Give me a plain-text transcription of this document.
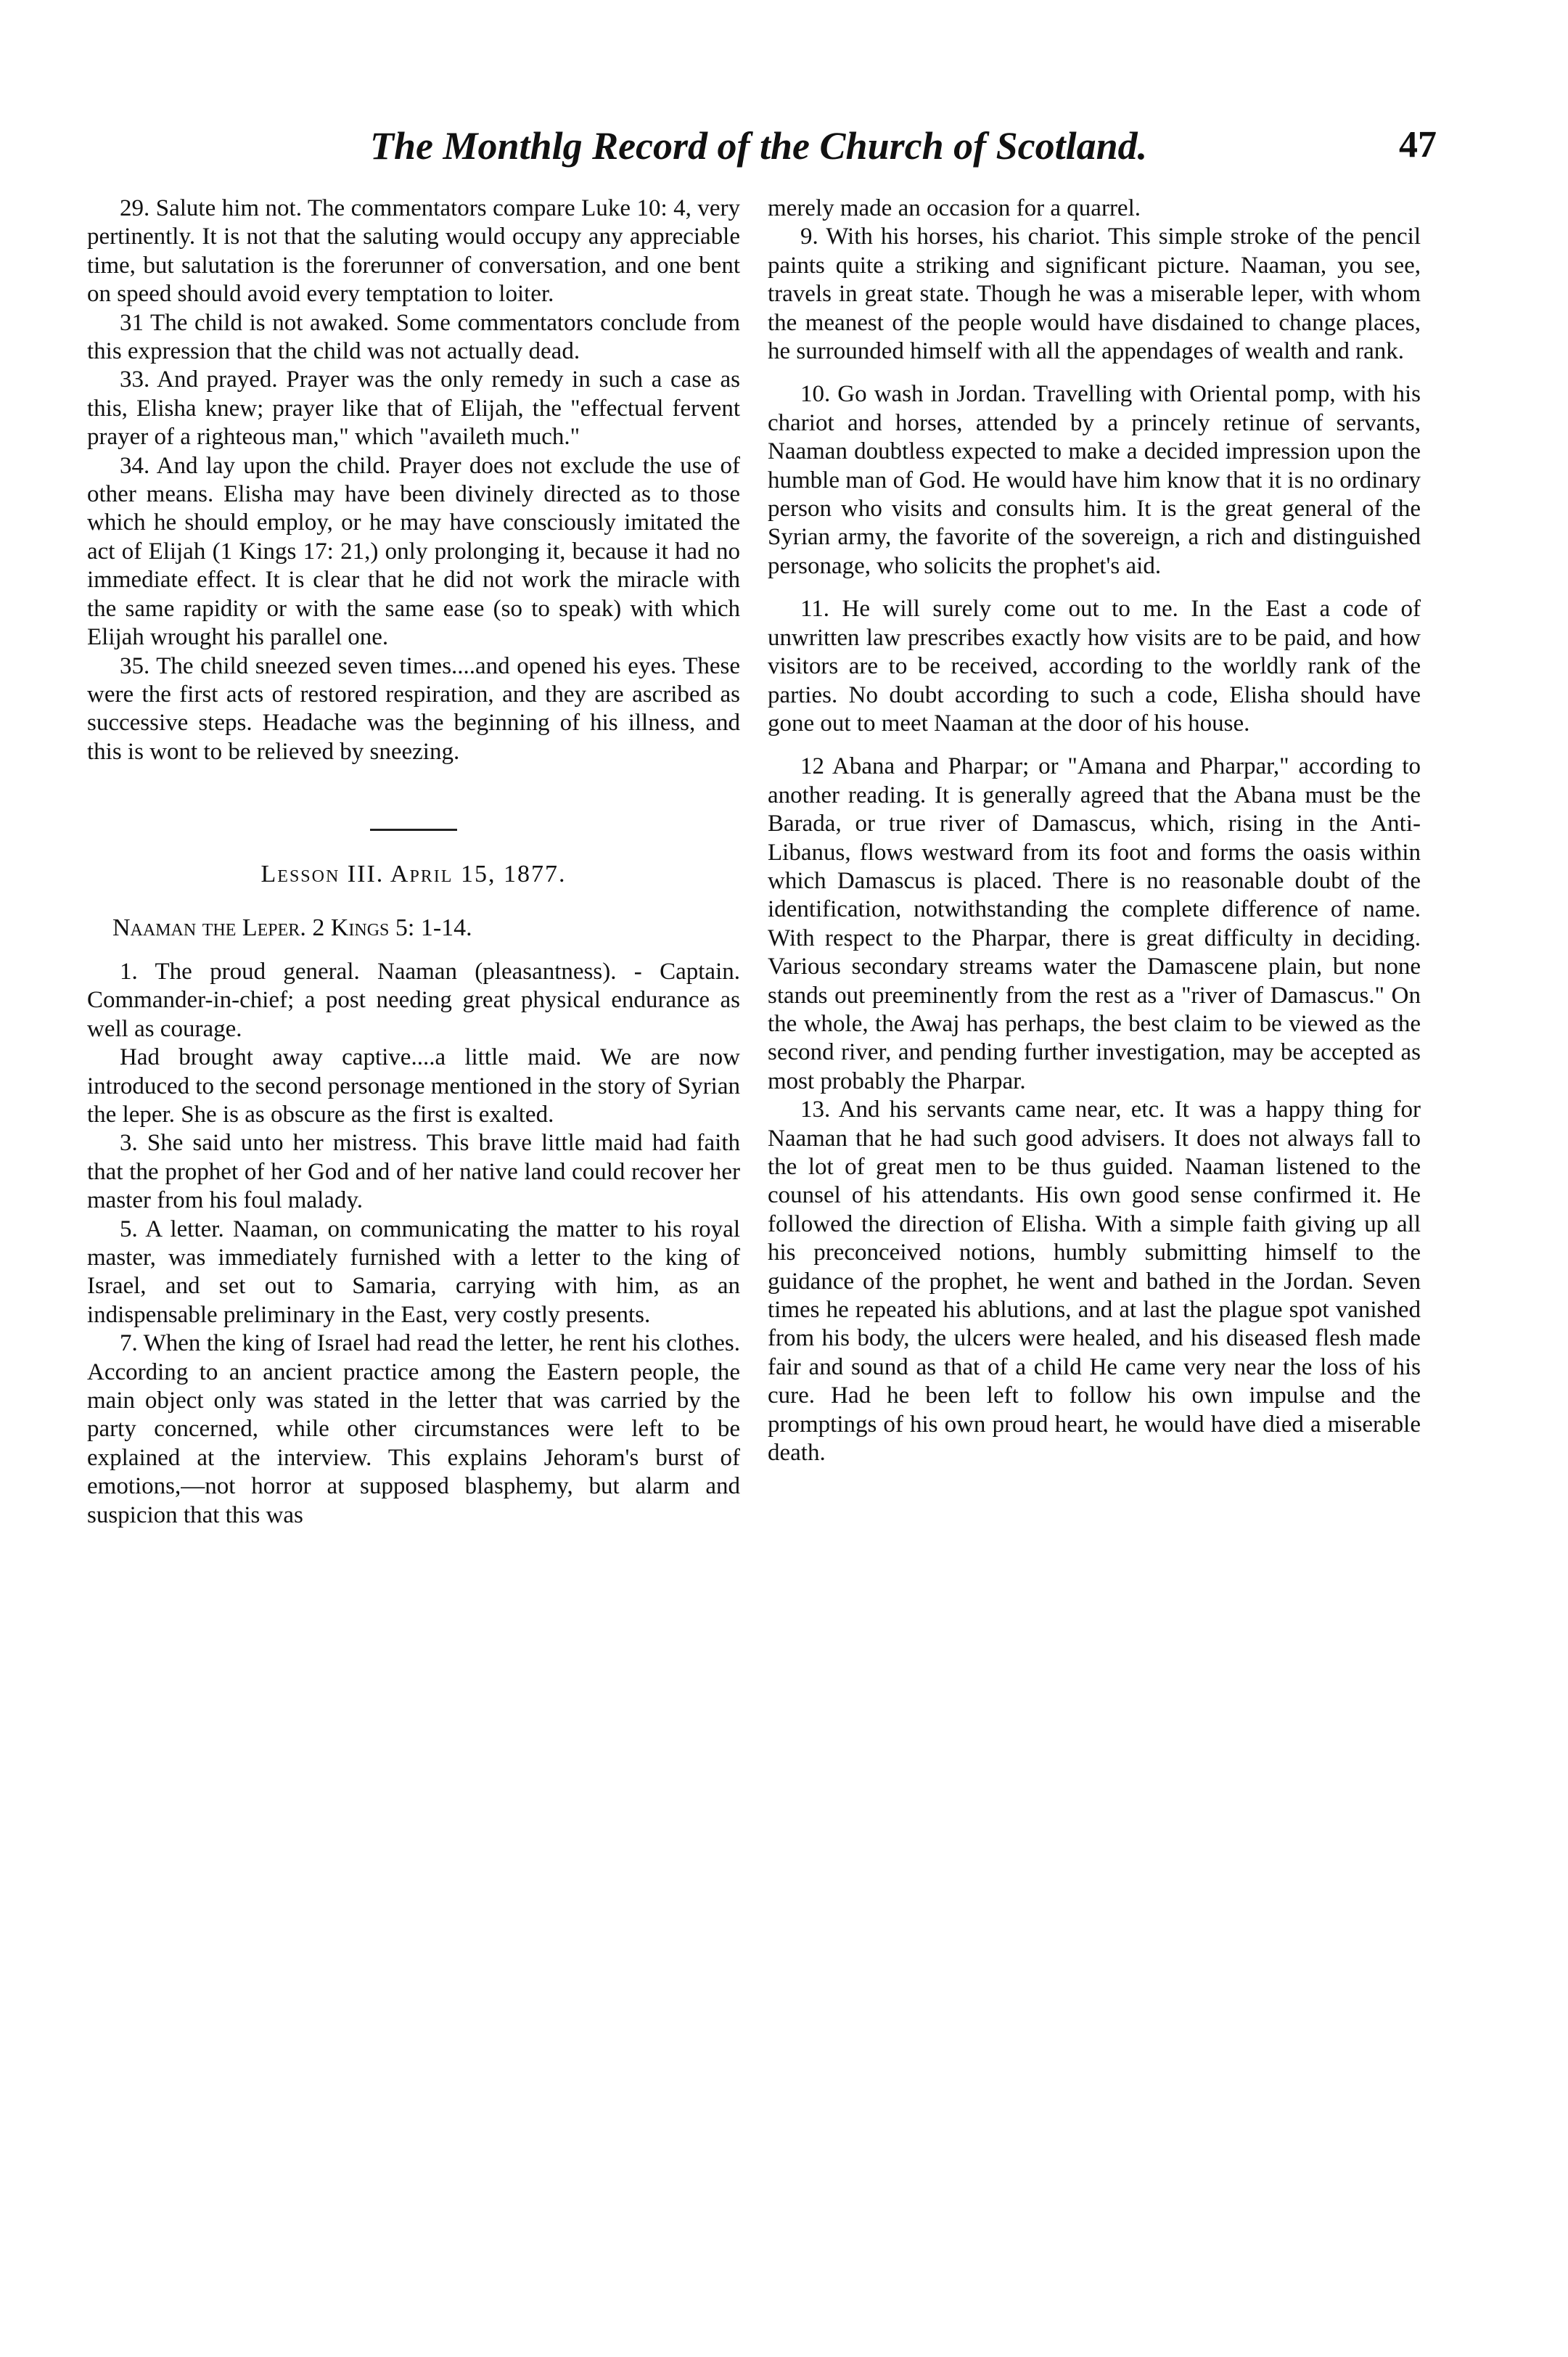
The Monthlg Record of the Church of Scotland.	47

29. Salute him not. The commentators compare Luke 10: 4, very pertinently. It is not that the saluting would occupy any appreciable time, but salutation is the forerunner of conversation, and one bent on speed should avoid every temptation to loiter.

31 The child is not awaked. Some commentators conclude from this expression that the child was not actually dead.

33. And prayed. Prayer was the only remedy in such a case as this, Elisha knew; prayer like that of Elijah, the "effectual fervent prayer of a righteous man," which "availeth much."

34. And lay upon the child. Prayer does not exclude the use of other means. Elisha may have been divinely directed as to those which he should employ, or he may have consciously imitated the act of Elijah (1 Kings 17: 21,) only prolonging it, because it had no immediate effect. It is clear that he did not work the miracle with the same rapidity or with the same ease (so to speak) with which Elijah wrought his parallel one.

35. The child sneezed seven times....and opened his eyes. These were the first acts of restored respiration, and they are ascribed as successive steps. Headache was the beginning of his illness, and this is wont to be relieved by sneezing.

Lesson III. April 15, 1877.

Naaman the Leper. 2 Kings 5: 1-14.

1. The proud general. Naaman (pleasantness). - Captain. Commander-in-chief; a post needing great physical endurance as well as courage.

Had brought away captive....a little maid. We are now introduced to the second personage mentioned in the story of Syrian the leper. She is as obscure as the first is exalted.

3. She said unto her mistress. This brave little maid had faith that the prophet of her God and of her native land could recover her master from his foul malady.

5. A letter. Naaman, on communicating the matter to his royal master, was immediately furnished with a letter to the king of Israel, and set out to Samaria, carrying with him, as an indispensable preliminary in the East, very costly presents.

7. When the king of Israel had read the letter, he rent his clothes. According to an ancient practice among the Eastern people, the main object only was stated in the letter that was carried by the party concerned, while other circumstances were left to be explained at the interview. This explains Jehoram's burst of emotions,—not horror at supposed blasphemy, but alarm and suspicion that this was

merely made an occasion for a quarrel.

9. With his horses, his chariot. This simple stroke of the pencil paints quite a striking and significant picture. Naaman, you see, travels in great state. Though he was a miserable leper, with whom the meanest of the people would have disdained to change places, he surrounded himself with all the appendages of wealth and rank.

10. Go wash in Jordan. Travelling with Oriental pomp, with his chariot and horses, attended by a princely retinue of servants, Naaman doubtless expected to make a decided impression upon the humble man of God. He would have him know that it is no ordinary person who visits and consults him. It is the great general of the Syrian army, the favorite of the sovereign, a rich and distinguished personage, who solicits the prophet's aid.

11. He will surely come out to me. In the East a code of unwritten law prescribes exactly how visits are to be paid, and how visitors are to be received, according to the worldly rank of the parties. No doubt according to such a code, Elisha should have gone out to meet Naaman at the door of his house.

12 Abana and Pharpar; or "Amana and Pharpar," according to another reading. It is generally agreed that the Abana must be the Barada, or true river of Damascus, which, rising in the Anti-Libanus, flows westward from its foot and forms the oasis within which Damascus is placed. There is no reasonable doubt of the identification, notwithstanding the complete difference of name. With respect to the Pharpar, there is great difficulty in deciding. Various secondary streams water the Damascene plain, but none stands out preeminently from the rest as a "river of Damascus." On the whole, the Awaj has perhaps, the best claim to be viewed as the second river, and pending further investigation, may be accepted as most probably the Pharpar.

13. And his servants came near, etc. It was a happy thing for Naaman that he had such good advisers. It does not always fall to the lot of great men to be thus guided. Naaman listened to the counsel of his attendants. His own good sense confirmed it. He followed the direction of Elisha. With a simple faith giving up all his preconceived notions, humbly submitting himself to the guidance of the prophet, he went and bathed in the Jordan. Seven times he repeated his ablutions, and at last the plague spot vanished from his body, the ulcers were healed, and his diseased flesh made fair and sound as that of a child He came very near the loss of his cure. Had he been left to follow his own impulse and the promptings of his own proud heart, he would have died a miserable death.
